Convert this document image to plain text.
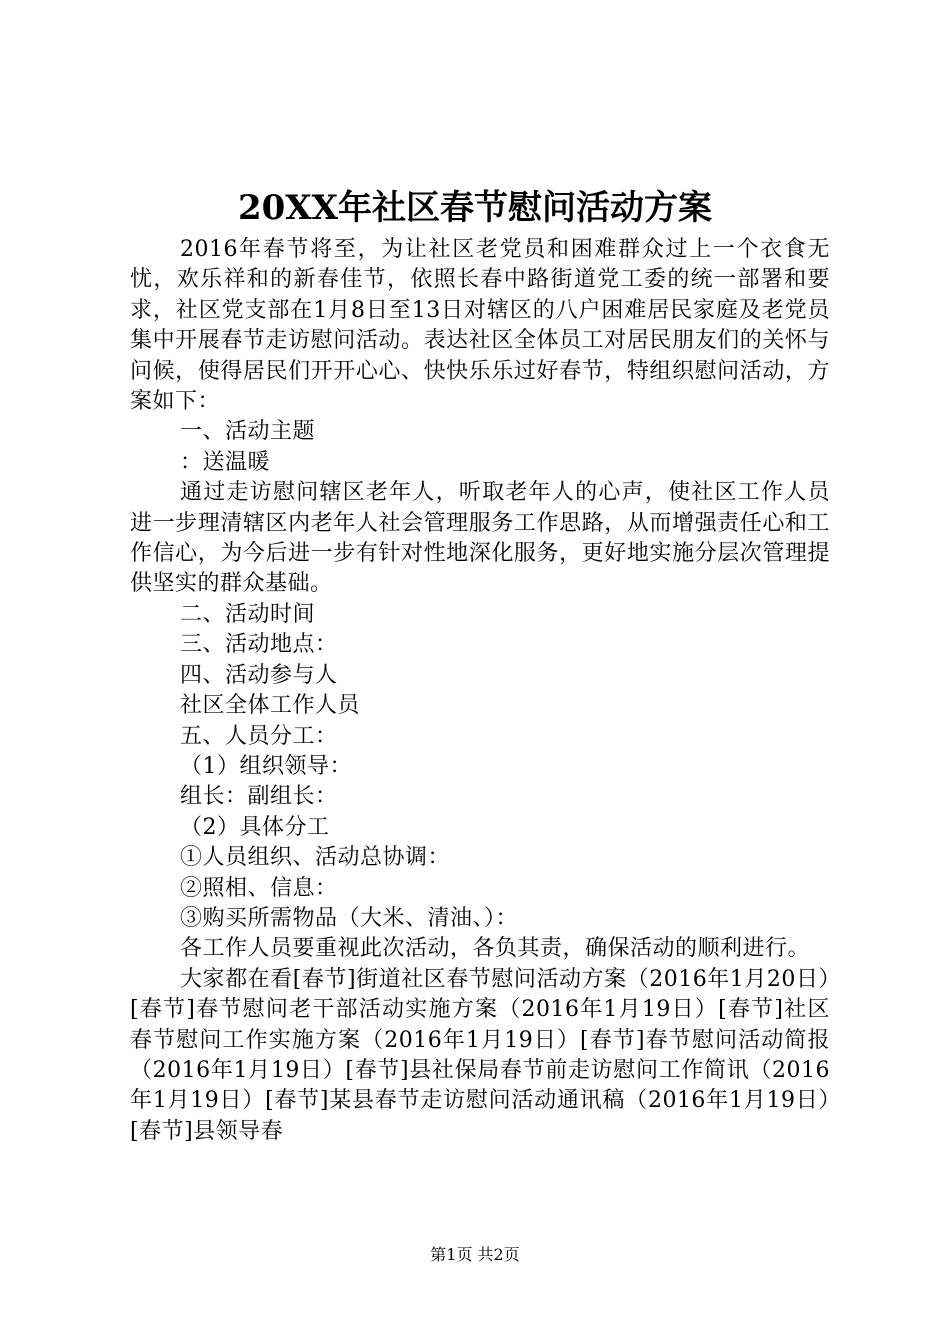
20XX年社区春节慰问活动方案

2016年春节将至，为让社区老党员和困难群众过上一个衣食无忧，欢乐祥和的新春佳节，依照长春中路街道党工委的统一部署和要求，社区党支部在1月8日至13日对辖区的八户困难居民家庭及老党员集中开展春节走访慰问活动。表达社区全体员工对居民朋友们的关怀与问候，使得居民们开开心心、快快乐乐过好春节，特组织慰问活动，方案如下：

一、活动主题

：送温暖

通过走访慰问辖区老年人，听取老年人的心声，使社区工作人员进一步理清辖区内老年人社会管理服务工作思路，从而增强责任心和工作信心，为今后进一步有针对性地深化服务，更好地实施分层次管理提供坚实的群众基础。

二、活动时间

三、活动地点：

四、活动参与人

社区全体工作人员

五、人员分工：

（1）组织领导：

组长：副组长：

（2）具体分工

①人员组织、活动总协调：

②照相、信息：

③购买所需物品（大米、清油、）：

各工作人员要重视此次活动，各负其责，确保活动的顺利进行。

大家都在看[春节]街道社区春节慰问活动方案（2016年1月20日）[春节]春节慰问老干部活动实施方案（2016年1月19日）[春节]社区春节慰问工作实施方案（2016年1月19日）[春节]春节慰问活动简报（2016年1月19日）[春节]县社保局春节前走访慰问工作简讯（2016年1月19日）[春节]某县春节走访慰问活动通讯稿（2016年1月19日）[春节]县领导春

第1页 共2页
